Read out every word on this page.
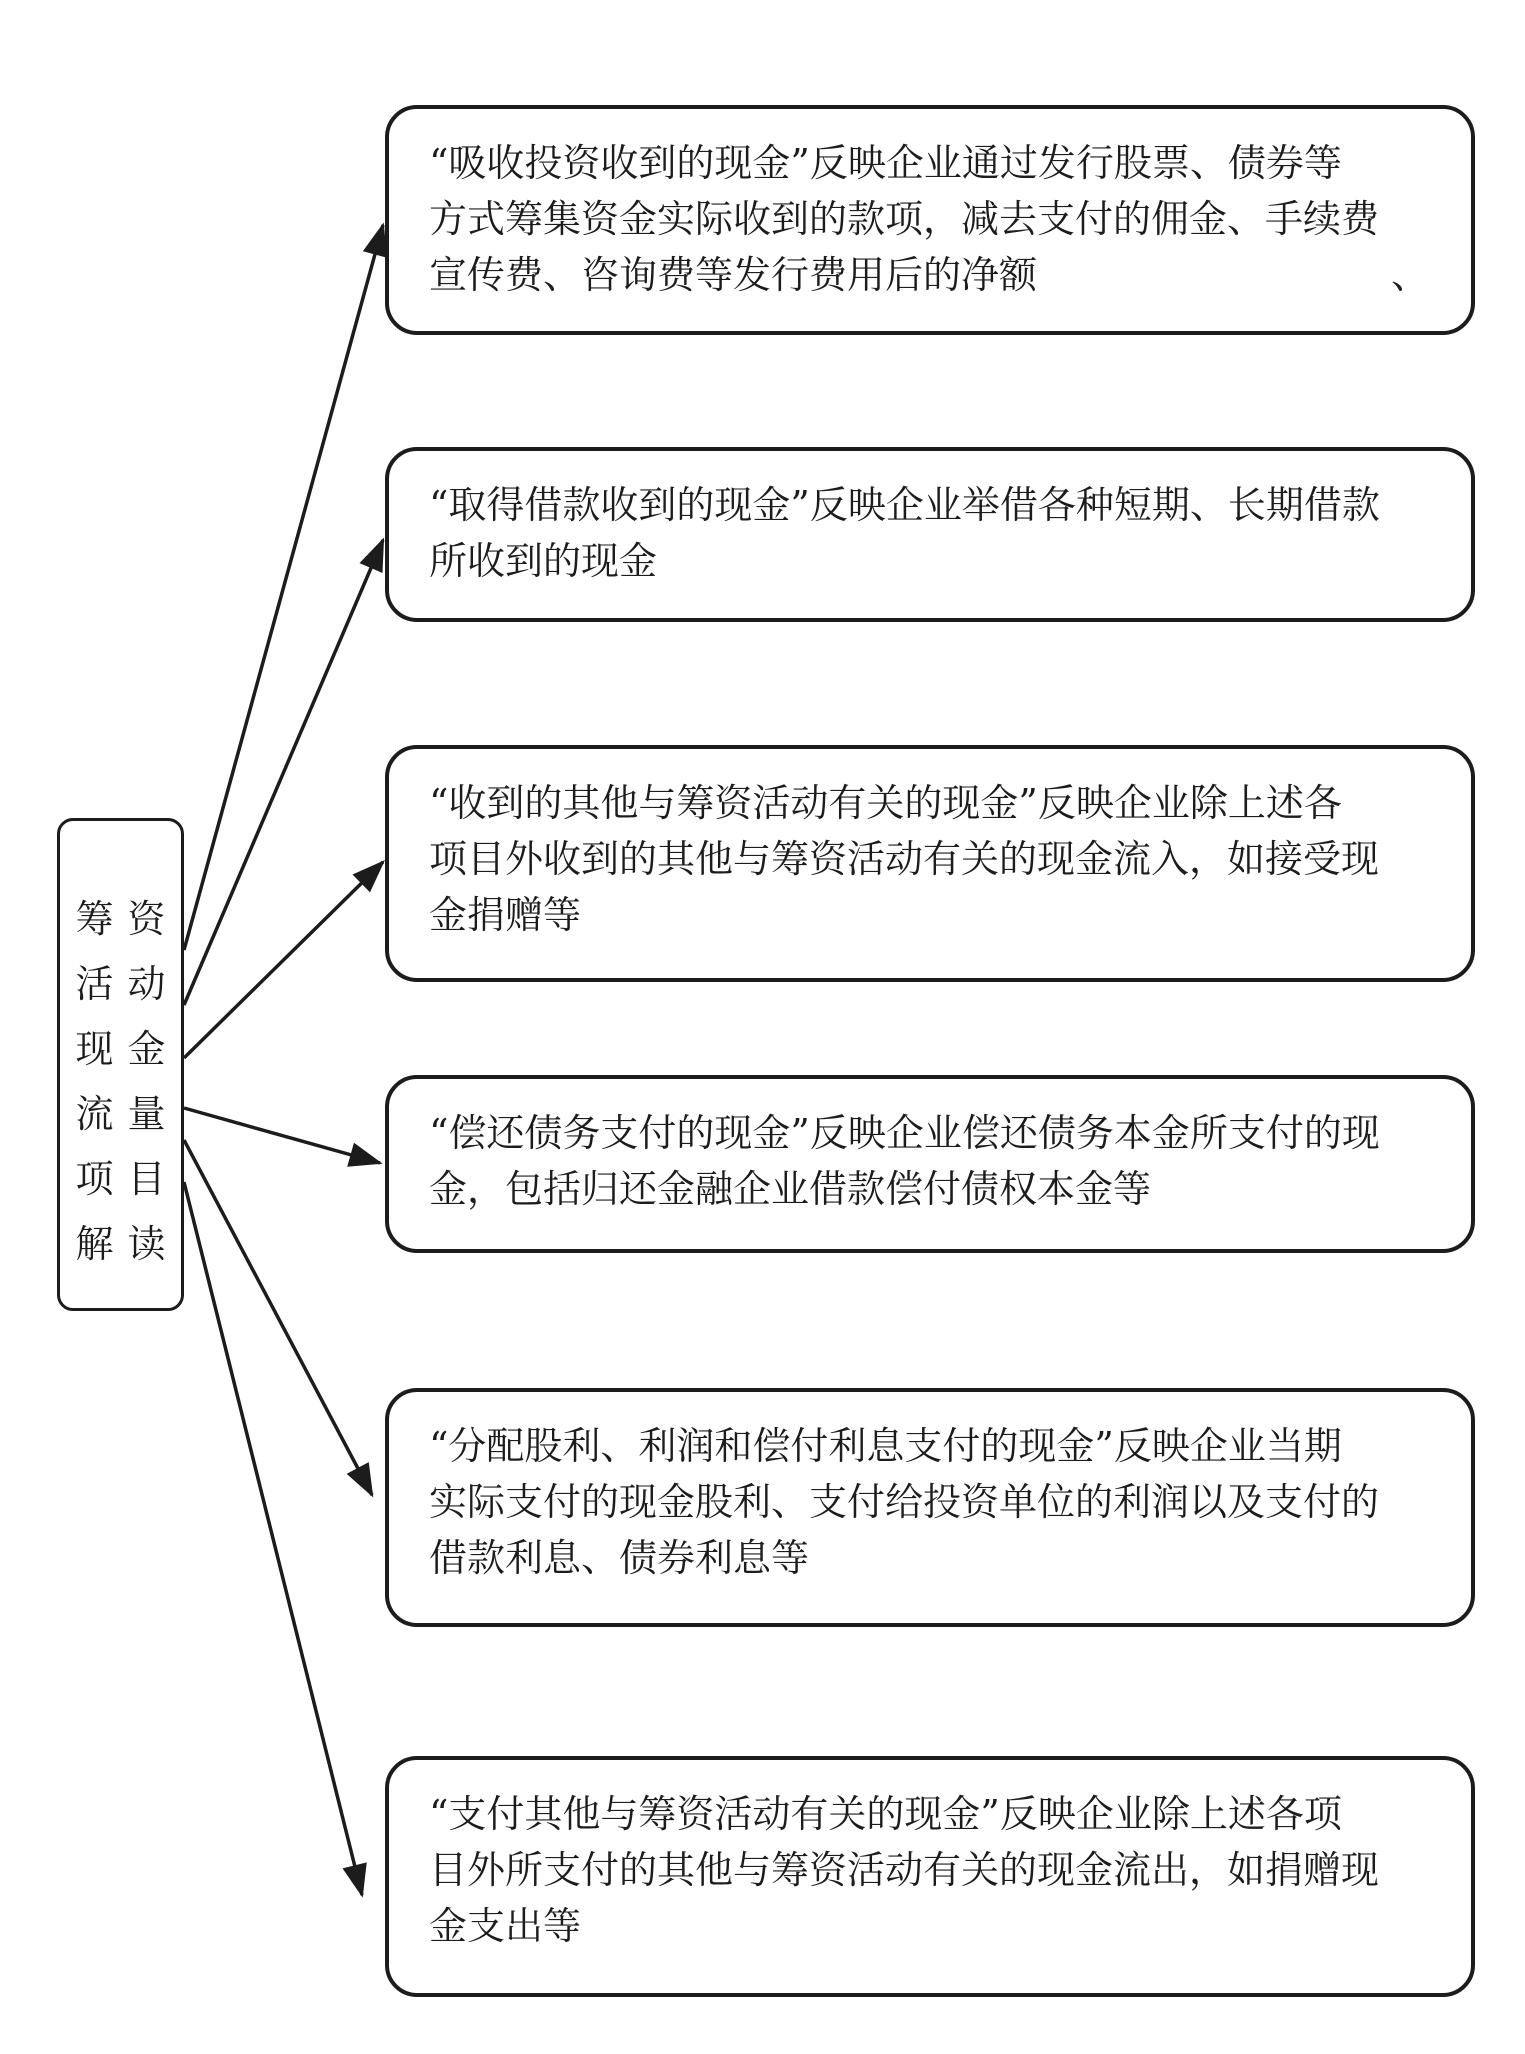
筹资
活动
现金
流量
项目
解读
“吸收投资收到的现金”反映企业通过发行股票、债券等
方式筹集资金实际收到的款项，减去支付的佣金、手续费
宣传费、咨询费等发行费用后的净额	、
“取得借款收到的现金”反映企业举借各种短期、长期借款
所收到的现金
“收到的其他与筹资活动有关的现金”反映企业除上述各
项目外收到的其他与筹资活动有关的现金流入，如接受现
金捐赠等
“偿还债务支付的现金”反映企业偿还债务本金所支付的现
金，包括归还金融企业借款偿付债权本金等
“分配股利、利润和偿付利息支付的现金”反映企业当期
实际支付的现金股利、支付给投资单位的利润以及支付的
借款利息、债券利息等
“支付其他与筹资活动有关的现金”反映企业除上述各项
目外所支付的其他与筹资活动有关的现金流出，如捐赠现
金支出等
